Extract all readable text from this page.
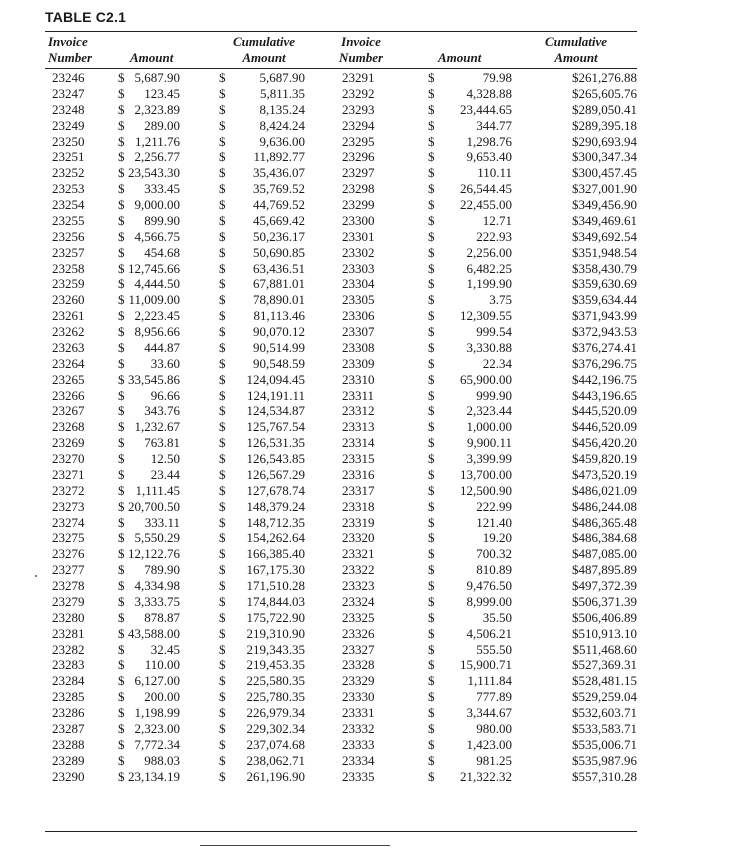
TABLE C2.1
Invoice
Number	Amount
Cumulative
Amount
Invoice
Number	Amount
Cumulative
Amount
23246	$ 5,687.90	$	5,687.90	23291	$	79.98	$261,276.88
23247	$ 123.45	$	5,811.35	23292	$ 4,328.88	$265,605.76
23248	$ 2,323.89	$	8,135.24	23293	$ 23,444.65	$289,050.41
23249	$ 289.00	$	8,424.24	23294	$	344.77	$289,395.18
23250	$ 1,211.76	$	9,636.00	23295	$ 1,298.76	$290,693.94
23251	$ 2,256.77	$ 11,892.77	23296	$ 9,653.40	$300,347.34
23252	$ 23,543.30	$ 35,436.07	23297	$	110.11	$300,457.45
23253	$ 333.45	$ 35,769.52	23298	$ 26,544.45	$327,001.90
23254	$ 9,000.00	$ 44,769.52	23299	$ 22,455.00	$349,456.90
23255	$ 899.90	$ 45,669.42	23300	$	12.71	$349,469.61
23256	$ 4,566.75	$ 50,236.17	23301	$	222.93	$349,692.54
23257	$ 454.68	$ 50,690.85	23302	$ 2,256.00	$351,948.54
23258	$ 12,745.66	$ 63,436.51	23303	$ 6,482.25	$358,430.79
23259	$ 4,444.50	$ 67,881.01	23304	$ 1,199.90	$359,630.69
23260	$ 11,009.00	$ 78,890.01	23305	$	3.75	$359,634.44
23261	$ 2,223.45	$ 81,113.46	23306	$ 12,309.55	$371,943.99
23262	$ 8,956.66	$ 90,070.12	23307	$	999.54	$372,943.53
23263	$ 444.87	$ 90,514.99	23308	$ 3,330.88	$376,274.41
23264	$ 33.60	$ 90,548.59	23309	$	22.34	$376,296.75
23265	$ 33,545.86	$ 124,094.45	23310	$ 65,900.00	$442,196.75
23266	$ 96.66	$ 124,191.11	23311	$	999.90	$443,196.65
23267	$ 343.76	$ 124,534.87	23312	$ 2,323.44	$445,520.09
23268	$ 1,232.67	$ 125,767.54	23313	$ 1,000.00	$446,520.09
23269	$ 763.81	$ 126,531.35	23314	$ 9,900.11	$456,420.20
23270	$ 12.50	$ 126,543.85	23315	$ 3,399.99	$459,820.19
23271	$ 23.44	$ 126,567.29	23316	$ 13,700.00	$473,520.19
23272	$ 1,111.45	$ 127,678.74	23317	$ 12,500.90	$486,021.09
23273	$ 20,700.50	$ 148,379.24	23318	$	222.99	$486,244.08
23274	$ 333.11	$ 148,712.35	23319	$	121.40	$486,365.48
23275	$ 5,550.29	$ 154,262.64	23320	$	19.20	$486,384.68
23276	$ 12,122.76	$ 166,385.40	23321	$	700.32	$487,085.00
23277	$ 789.90	$ 167,175.30	23322	$	810.89	$487,895.89
23278	$ 4,334.98	$ 171,510.28	23323	$ 9,476.50	$497,372.39
23279	$ 3,333.75	$ 174,844.03	23324	$ 8,999.00	$506,371.39
23280	$ 878.87	$ 175,722.90	23325	$	35.50	$506,406.89
23281	$ 43,588.00	$ 219,310.90	23326	$ 4,506.21	$510,913.10
23282	$ 32.45	$ 219,343.35	23327	$	555.50	$511,468.60
23283	$ 110.00	$ 219,453.35	23328	$ 15,900.71	$527,369.31
23284	$ 6,127.00	$ 225,580.35	23329	$	1,111.84	$528,481.15
23285	$ 200.00	$ 225,780.35	23330	$	777.89	$529,259.04
23286	$ 1,198.99	$ 226,979.34	23331	$ 3,344.67	$532,603.71
23287	$ 2,323.00	$ 229,302.34	23332	$	980.00	$533,583.71
23288	$ 7,772.34	$ 237,074.68	23333	$ 1,423.00	$535,006.71
23289	$ 988.03	$ 238,062.71	23334	$	981.25	$535,987.96
23290	$ 23,134.19	$ 261,196.90	23335	$ 21,322.32	$557,310.28
